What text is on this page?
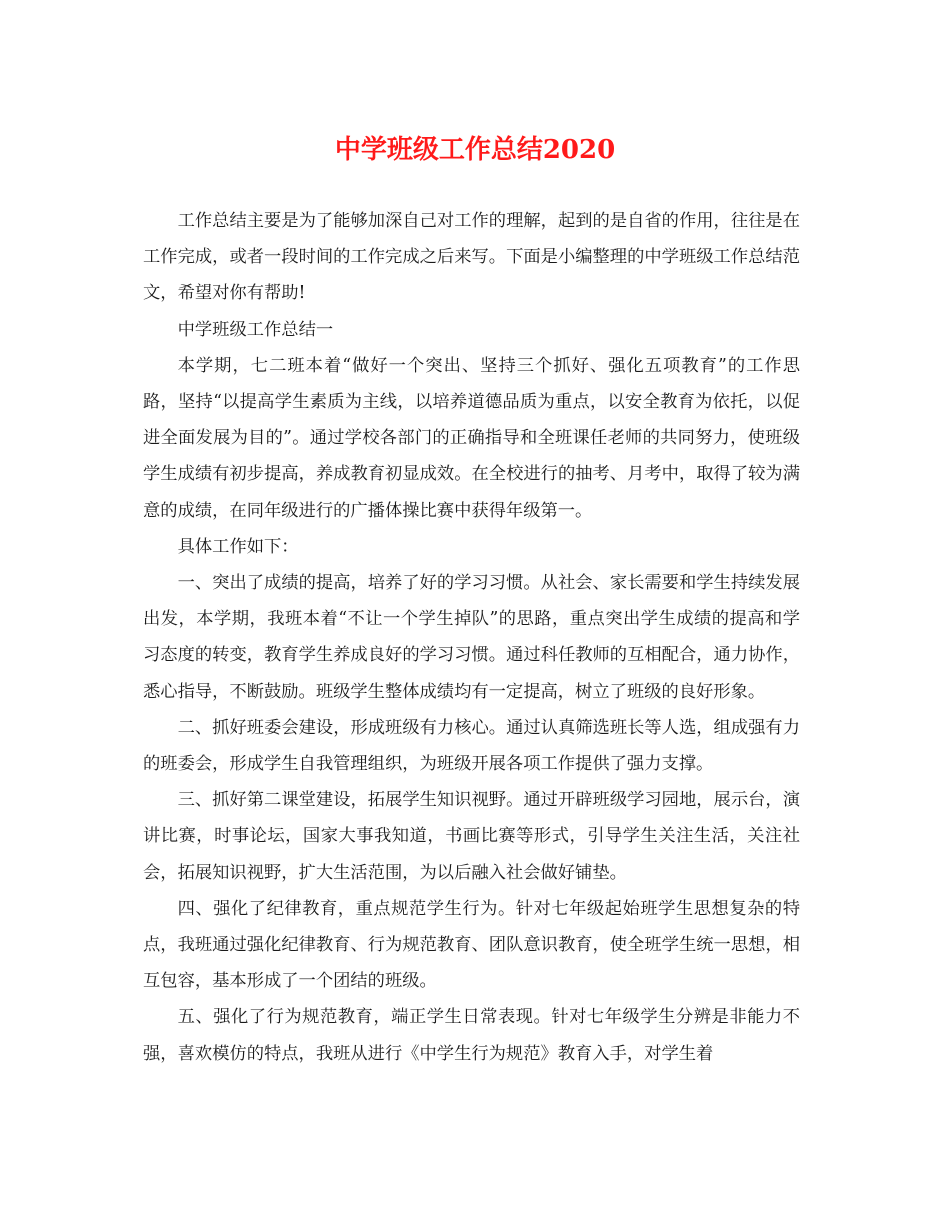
中学班级工作总结2020

工作总结主要是为了能够加深自己对工作的理解，起到的是自省的作用，往往是在工作完成，或者一段时间的工作完成之后来写。下面是小编整理的中学班级工作总结范文，希望对你有帮助!

中学班级工作总结一

本学期，七二班本着“做好一个突出、坚持三个抓好、强化五项教育”的工作思路，坚持“以提高学生素质为主线，以培养道德品质为重点，以安全教育为依托，以促进全面发展为目的”。通过学校各部门的正确指导和全班课任老师的共同努力，使班级学生成绩有初步提高，养成教育初显成效。在全校进行的抽考、月考中，取得了较为满意的成绩，在同年级进行的广播体操比赛中获得年级第一。

具体工作如下：

一、突出了成绩的提高，培养了好的学习习惯。从社会、家长需要和学生持续发展出发，本学期，我班本着“不让一个学生掉队”的思路，重点突出学生成绩的提高和学习态度的转变，教育学生养成良好的学习习惯。通过科任教师的互相配合，通力协作，悉心指导，不断鼓励。班级学生整体成绩均有一定提高，树立了班级的良好形象。

二、抓好班委会建设，形成班级有力核心。通过认真筛选班长等人选，组成强有力的班委会，形成学生自我管理组织，为班级开展各项工作提供了强力支撑。

三、抓好第二课堂建设，拓展学生知识视野。通过开辟班级学习园地，展示台，演讲比赛，时事论坛，国家大事我知道，书画比赛等形式，引导学生关注生活，关注社会，拓展知识视野，扩大生活范围，为以后融入社会做好铺垫。

四、强化了纪律教育，重点规范学生行为。针对七年级起始班学生思想复杂的特点，我班通过强化纪律教育、行为规范教育、团队意识教育，使全班学生统一思想，相互包容，基本形成了一个团结的班级。

五、强化了行为规范教育，端正学生日常表现。针对七年级学生分辨是非能力不强，喜欢模仿的特点，我班从进行《中学生行为规范》教育入手，对学生着
